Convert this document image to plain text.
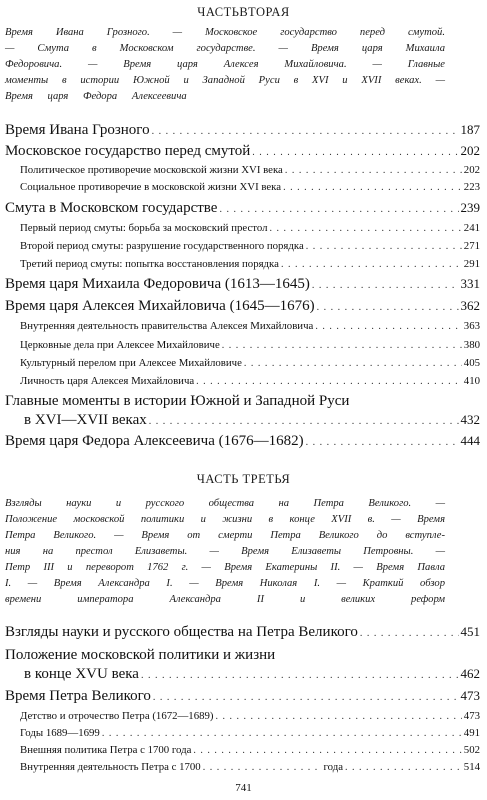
ЧАСТЬВТОРАЯ
Время Ивана Грозного. — Московское государство перед смутой.
— Смута в Московском государстве. — Время царя Михаила
Федоровича. — Время царя Алексея Михайловича. — Главные
моменты в истории Южной и Западной Руси в XVI и XVII веках. —
Время царя Федора Алексеевича
Время Ивана Грозного . . .	187
Московское государство перед смутой . . .	202
Политическое противоречие московской жизни XVI века . . .	202
Социальное противоречие в московской жизни XVI века . . .	223
Смута в Московском государстве . . .	239
Первый период смуты: борьба за московский престол . . .	241
Второй период смуты: разрушение государственного порядка . . .	271
Третий период смуты: попытка восстановления порядка . . .	291
Время царя Михаила Федоровича (1613—1645) . . .	331
Время царя Алексея Михайловича (1645—1676) . . .	362
Внутренняя деятельность правительства Алексея Михайловича . . .	363
Церковные дела при Алексее Михайловиче . . .	380
Культурный перелом при Алексее Михайловиче . . .	405
Личность царя Алексея Михайловича . . .	410
Главные моменты в истории Южной и Западной Руси
в XVI—XVII веках . . .	432
Время царя Федора Алексеевича (1676—1682) . . .	444
ЧАСТЬ ТРЕТЬЯ
Взгляды науки и русского общества на Петра Великого. —
Положение московской политики и жизни в конце XVII в. — Время
Петра Великого. — Время от смерти Петра Великого до вступле-
ния на престол Елизаветы. — Время Елизаветы Петровны. —
Петр III и переворот 1762 г. — Время Екатерины II. — Время Павла
I. — Время Александра I. — Время Николая I. — Краткий обзор
времени императора Александра II и великих реформ
Взгляды науки и русского общества на Петра Великого . . .	451
Положение московской политики и жизни
в конце XVU века . . .	462
Время Петра Великого . . .	473
Детство и отрочество Петра (1672—1689) . . .	473
Годы 1689—1699 . . .	491
Внешняя политика Петра с 1700 года . . .	502
Внутренняя деятельность Петра с 1700 . . .	года . . .	514
741
